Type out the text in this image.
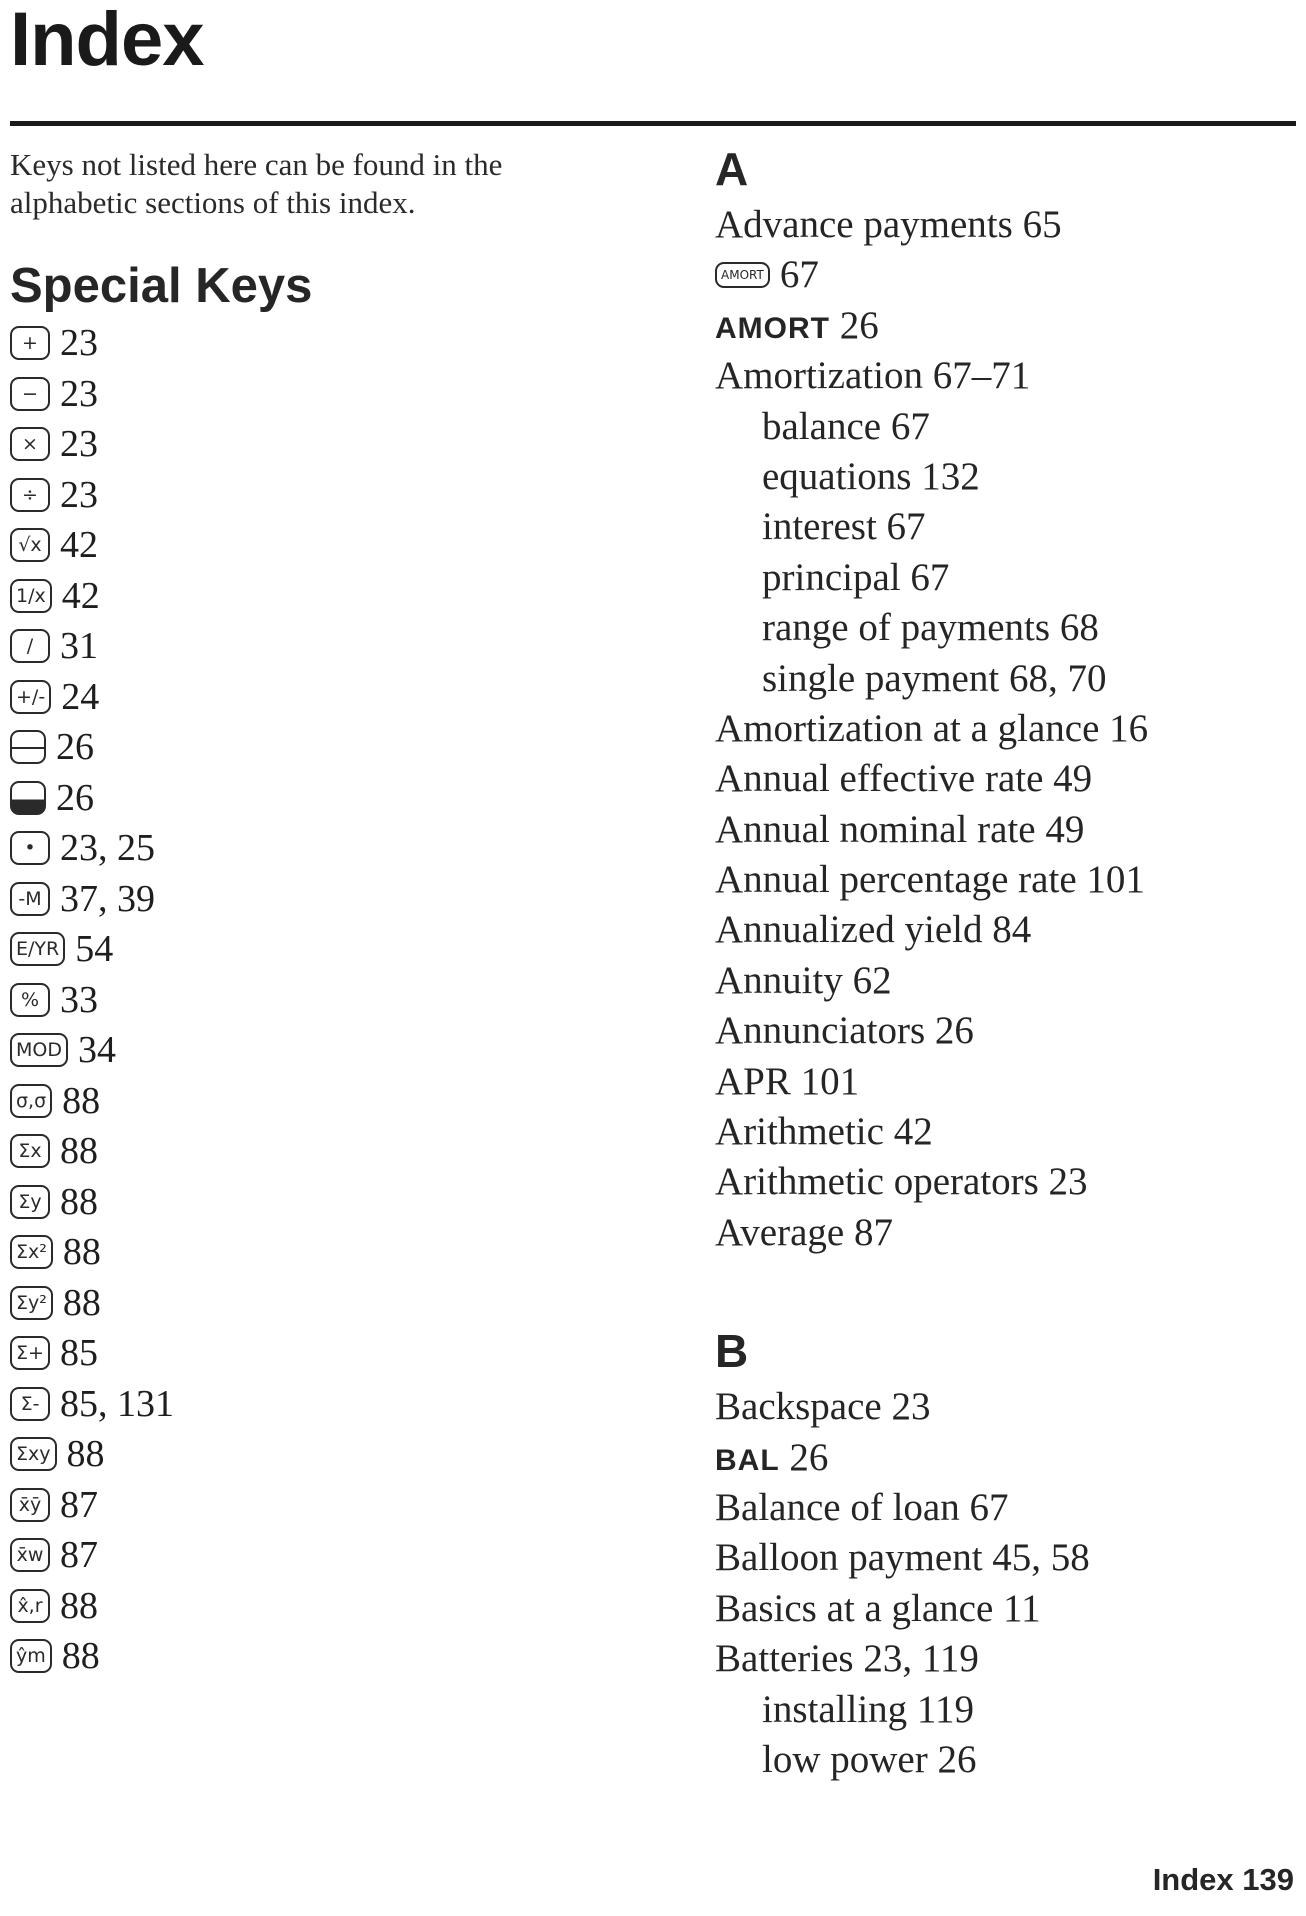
Index
Keys not listed here can be found in the alphabetic sections of this index.
Special Keys
+ 23
− 23
× 23
÷ 23
√x 42
1/x 42
/ 31
+/- 24
26
26
• 23, 25
-M 37, 39
E/YR 54
% 33
MOD 34
σ,σ 88
Σx 88
Σy 88
Σx² 88
Σy² 88
Σ+ 85
Σ- 85, 131
Σxy 88
x̄ȳ 87
x̄w 87
x̂,r 88
ŷm 88
A
Advance payments 65
AMORT 67
AMORT 26
Amortization 67–71
balance 67
equations 132
interest 67
principal 67
range of payments 68
single payment 68, 70
Amortization at a glance 16
Annual effective rate 49
Annual nominal rate 49
Annual percentage rate 101
Annualized yield 84
Annuity 62
Annunciators 26
APR 101
Arithmetic 42
Arithmetic operators 23
Average 87
B
Backspace 23
BAL 26
Balance of loan 67
Balloon payment 45, 58
Basics at a glance 11
Batteries 23, 119
installing 119
low power 26
Index 139
